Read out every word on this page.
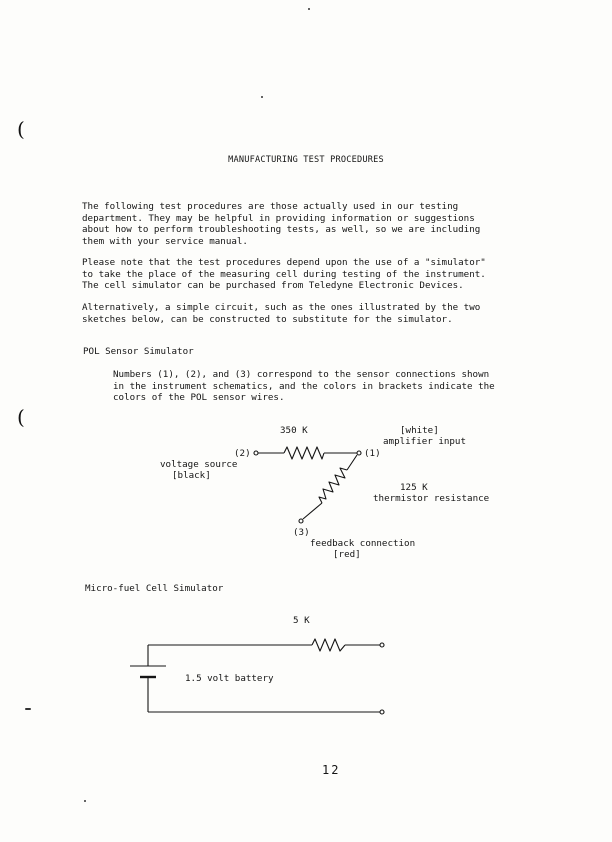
(
(
MANUFACTURING TEST PROCEDURES
The following test procedures are those actually used in our testing
department. They may be helpful in providing information or suggestions
about how to perform troubleshooting tests, as well, so we are including
them with your service manual.
Please note that the test procedures depend upon the use of a "simulator"
to take the place of the measuring cell during testing of the instrument.
The cell simulator can be purchased from Teledyne Electronic Devices.
Alternatively, a simple circuit, such as the ones illustrated by the two
sketches below, can be constructed to substitute for the simulator.
POL Sensor Simulator
Numbers (1), (2), and (3) correspond to the sensor connections shown
in the instrument schematics, and the colors in brackets indicate the
colors of the POL sensor wires.
350 K	[white]
amplifier input
(2)	(1)
voltage source
[black]
125 K
thermistor resistance
(3)
feedback connection
[red]
Micro-fuel Cell Simulator
5 K
1.5 volt battery
12
